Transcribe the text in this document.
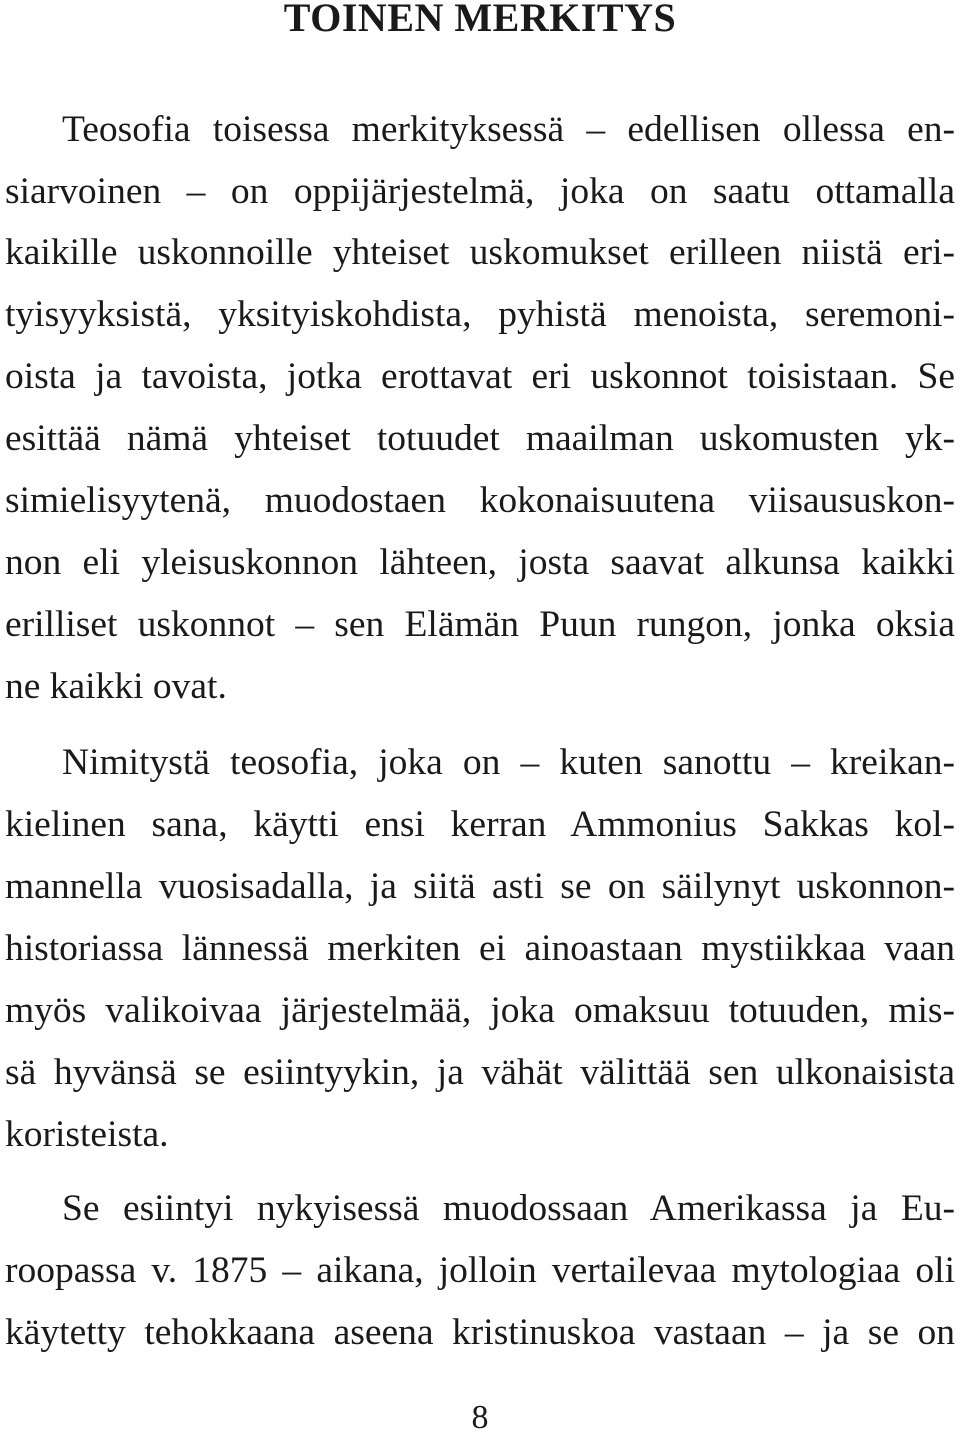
TOINEN MERKITYS
Teosofia toisessa merkityksessä – edellisen ollessa en-
siarvoinen – on oppijärjestelmä, joka on saatu ottamalla
kaikille uskonnoille yhteiset uskomukset erilleen niistä eri-
tyisyyksistä, yksityiskohdista, pyhistä menoista, seremoni-
oista ja tavoista, jotka erottavat eri uskonnot toisistaan. Se
esittää nämä yhteiset totuudet maailman uskomusten yk-
simielisyytenä, muodostaen kokonaisuutena viisaususkon-
non eli yleisuskonnon lähteen, josta saavat alkunsa kaikki
erilliset uskonnot – sen Elämän Puun rungon, jonka oksia
ne kaikki ovat.
Nimitystä teosofia, joka on – kuten sanottu – kreikan-
kielinen sana, käytti ensi kerran Ammonius Sakkas kol-
mannella vuosisadalla, ja siitä asti se on säilynyt uskonnon-
historiassa lännessä merkiten ei ainoastaan mystiikkaa vaan
myös valikoivaa järjestelmää, joka omaksuu totuuden, mis-
sä hyvänsä se esiintyykin, ja vähät välittää sen ulkonaisista
koristeista.
Se esiintyi nykyisessä muodossaan Amerikassa ja Eu-
roopassa v. 1875 – aikana, jolloin vertailevaa mytologiaa oli
käytetty tehokkaana aseena kristinuskoa vastaan – ja se on
8
